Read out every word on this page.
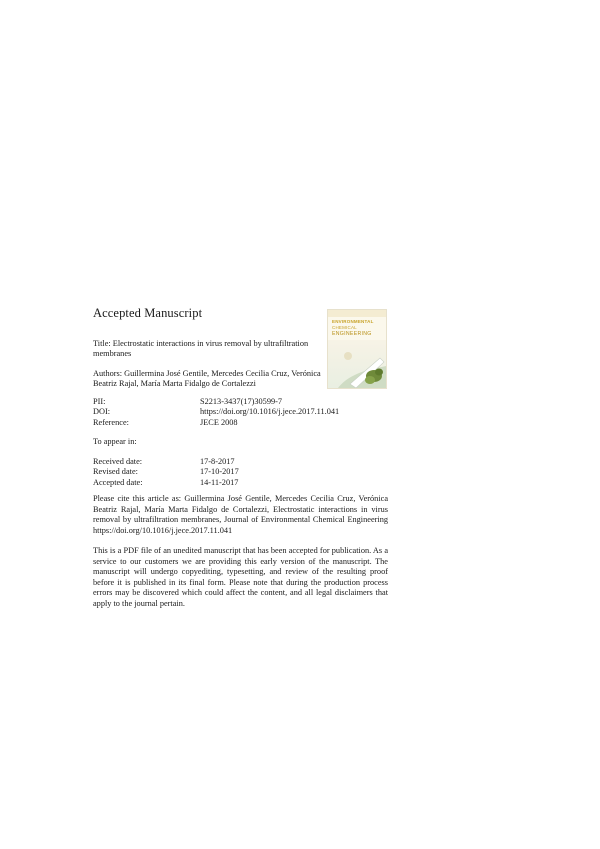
Accepted Manuscript
ENVIRONMENTAL
CHEMICAL
ENGINEERING
Title: Electrostatic interactions in virus removal by ultrafiltration membranes
Authors: Guillermina José Gentile, Mercedes Cecilia Cruz, Verónica Beatriz Rajal, María Marta Fidalgo de Cortalezzi
PII:	S2213-3437(17)30599-7
DOI:	https://doi.org/10.1016/j.jece.2017.11.041
Reference:	JECE 2008
To appear in:
Received date:	17-8-2017
Revised date:	17-10-2017
Accepted date:	14-11-2017
Please cite this article as: Guillermina José Gentile, Mercedes Cecilia Cruz, Verónica Beatriz Rajal, María Marta Fidalgo de Cortalezzi, Electrostatic interactions in virus removal by ultrafiltration membranes, Journal of Environmental Chemical Engineering https://doi.org/10.1016/j.jece.2017.11.041
This is a PDF file of an unedited manuscript that has been accepted for publication. As a service to our customers we are providing this early version of the manuscript. The manuscript will undergo copyediting, typesetting, and review of the resulting proof before it is published in its final form. Please note that during the production process errors may be discovered which could affect the content, and all legal disclaimers that apply to the journal pertain.
